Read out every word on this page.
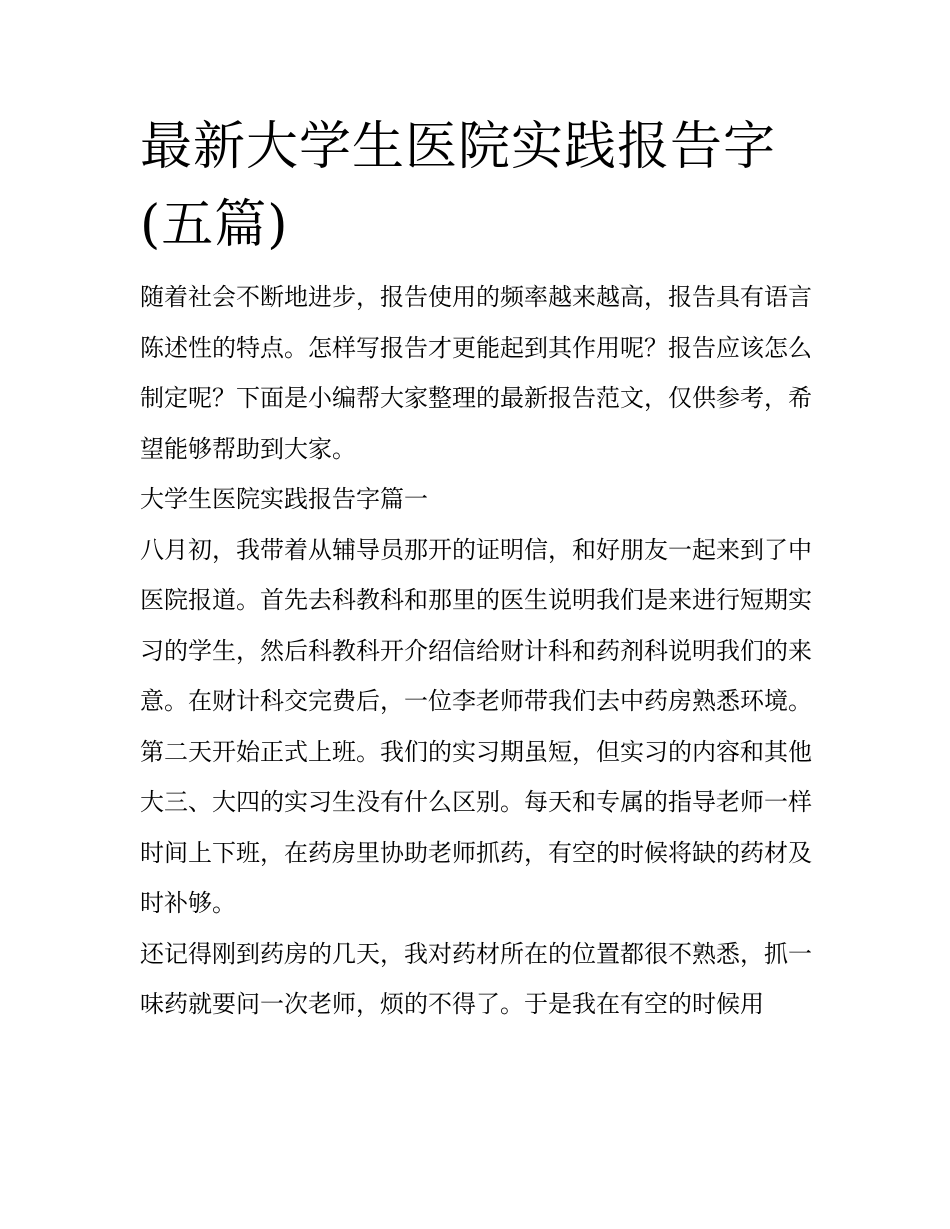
最新大学生医院实践报告字(五篇)

随着社会不断地进步，报告使用的频率越来越高，报告具有语言陈述性的特点。怎样写报告才更能起到其作用呢？报告应该怎么制定呢？下面是小编帮大家整理的最新报告范文，仅供参考，希望能够帮助到大家。

大学生医院实践报告字篇一

八月初，我带着从辅导员那开的证明信，和好朋友一起来到了中医院报道。首先去科教科和那里的医生说明我们是来进行短期实习的学生，然后科教科开介绍信给财计科和药剂科说明我们的来意。在财计科交完费后，一位李老师带我们去中药房熟悉环境。

第二天开始正式上班。我们的实习期虽短，但实习的内容和其他大三、大四的实习生没有什么区别。每天和专属的指导老师一样时间上下班，在药房里协助老师抓药，有空的时候将缺的药材及时补够。

还记得刚到药房的几天，我对药材所在的位置都很不熟悉，抓一味药就要问一次老师，烦的不得了。于是我在有空的时候用
